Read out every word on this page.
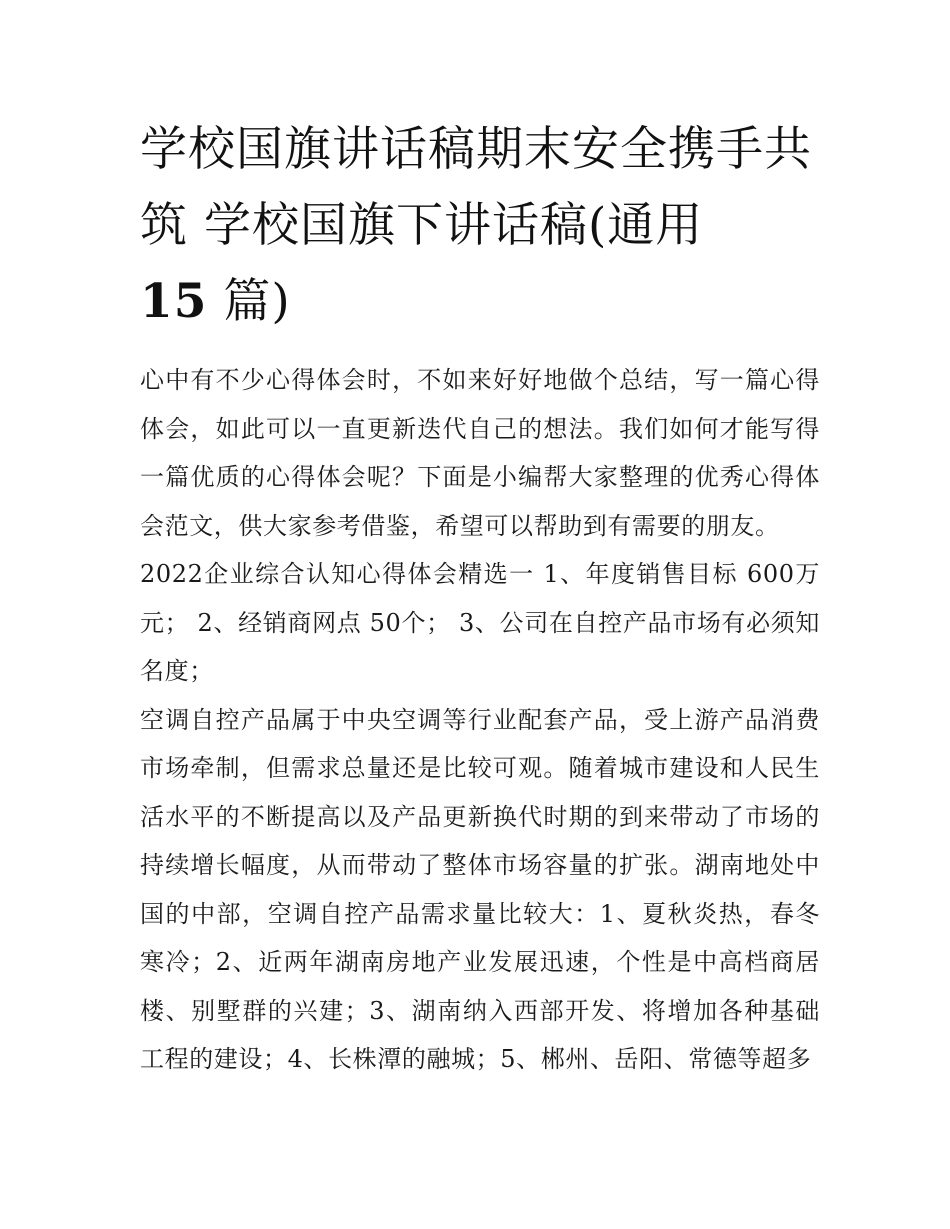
学校国旗讲话稿期末安全携手共筑 学校国旗下讲话稿(通用
15 篇)

心中有不少心得体会时，不如来好好地做个总结，写一篇心得体会，如此可以一直更新迭代自己的想法。我们如何才能写得一篇优质的心得体会呢？下面是小编帮大家整理的优秀心得体会范文，供大家参考借鉴，希望可以帮助到有需要的朋友。

2022企业综合认知心得体会精选一 1、年度销售目标 600万元； 2、经销商网点 50个； 3、公司在自控产品市场有必须知名度；

空调自控产品属于中央空调等行业配套产品，受上游产品消费市场牵制，但需求总量还是比较可观。随着城市建设和人民生活水平的不断提高以及产品更新换代时期的到来带动了市场的持续增长幅度，从而带动了整体市场容量的扩张。湖南地处中国的中部，空调自控产品需求量比较大：1、夏秋炎热，春冬寒冷；2、近两年湖南房地产业发展迅速，个性是中高档商居楼、别墅群的兴建；3、湖南纳入西部开发、将增加各种基础工程的建设；4、长株潭的融城；5、郴州、岳阳、常德等超多
